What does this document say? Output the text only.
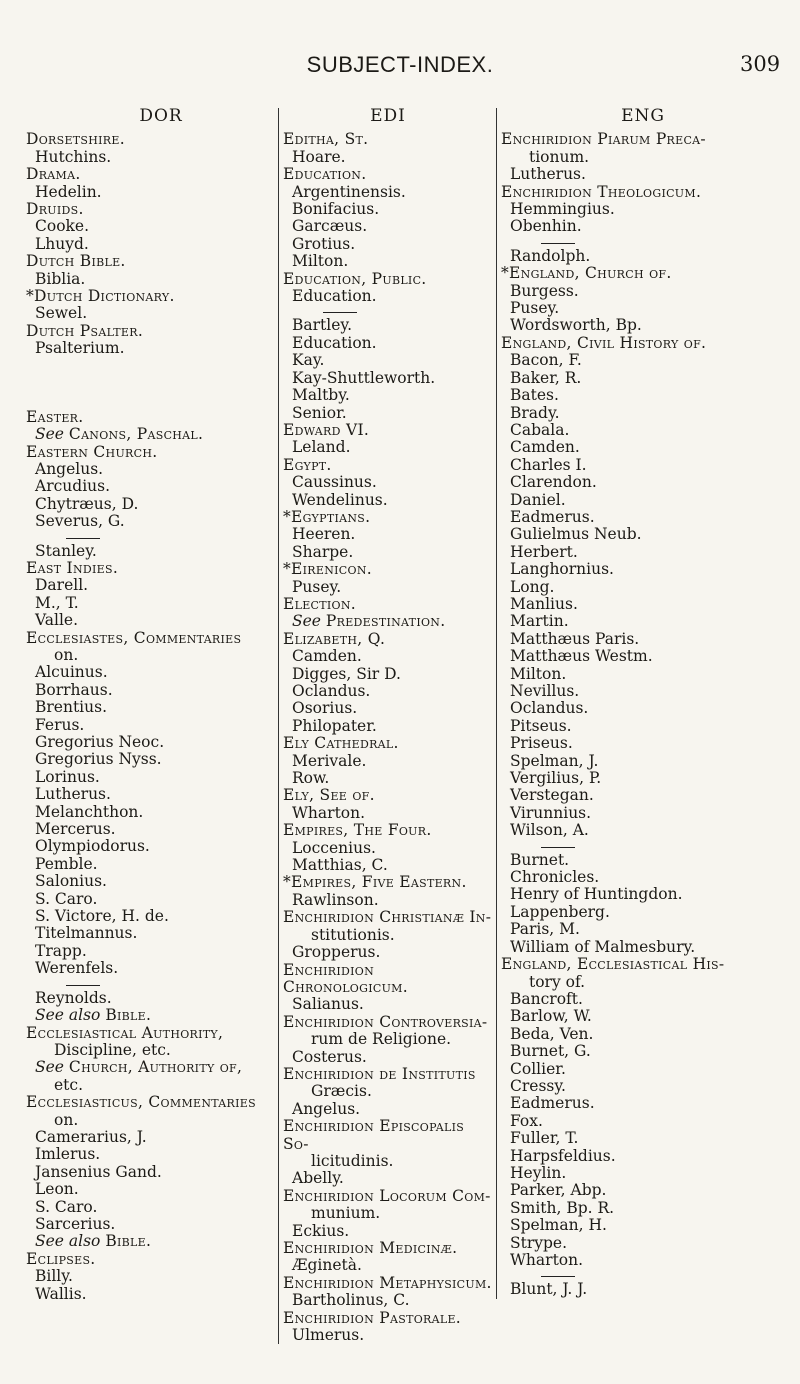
SUBJECT-INDEX.	309
DOR
Dorsetshire.
Hutchins.
Drama.
Hedelin.
Druids.
Cooke.
Lhuyd.
Dutch Bible.
Biblia.
*Dutch Dictionary.
Sewel.
Dutch Psalter.
Psalterium.
Easter.
See Canons, Paschal.
Eastern Church.
Angelus.
Arcudius.
Chytræus, D.
Severus, G.
Stanley.
East Indies.
Darell.
M., T.
Valle.
Ecclesiastes, Commentaries
on.
Alcuinus.
Borrhaus.
Brentius.
Ferus.
Gregorius Neoc.
Gregorius Nyss.
Lorinus.
Lutherus.
Melanchthon.
Mercerus.
Olympiodorus.
Pemble.
Salonius.
S. Caro.
S. Victore, H. de.
Titelmannus.
Trapp.
Werenfels.
Reynolds.
See also Bible.
Ecclesiastical Authority,
Discipline, etc.
See Church, Authority of,
etc.
Ecclesiasticus, Commentaries
on.
Camerarius, J.
Imlerus.
Jansenius Gand.
Leon.
S. Caro.
Sarcerius.
See also Bible.
Eclipses.
Billy.
Wallis.
EDI
Editha, St.
Hoare.
Education.
Argentinensis.
Bonifacius.
Garcæus.
Grotius.
Milton.
Education, Public.
Education.
Bartley.
Education.
Kay.
Kay-Shuttleworth.
Maltby.
Senior.
Edward VI.
Leland.
Egypt.
Caussinus.
Wendelinus.
*Egyptians.
Heeren.
Sharpe.
*Eirenicon.
Pusey.
Election.
See Predestination.
Elizabeth, Q.
Camden.
Digges, Sir D.
Oclandus.
Osorius.
Philopater.
Ely Cathedral.
Merivale.
Row.
Ely, See of.
Wharton.
Empires, The Four.
Loccenius.
Matthias, C.
*Empires, Five Eastern.
Rawlinson.
Enchiridion Christianæ In-
stitutionis.
Gropperus.
Enchiridion Chronologicum.
Salianus.
Enchiridion Controversia-
rum de Religione.
Costerus.
Enchiridion de Institutis
Græcis.
Angelus.
Enchiridion Episcopalis So-
licitudinis.
Abelly.
Enchiridion Locorum Com-
munium.
Eckius.
Enchiridion Medicinæ.
Æginetà.
Enchiridion Metaphysicum.
Bartholinus, C.
Enchiridion Pastorale.
Ulmerus.
ENG
Enchiridion Piarum Preca-
tionum.
Lutherus.
Enchiridion Theologicum.
Hemmingius.
Obenhin.
Randolph.
*England, Church of.
Burgess.
Pusey.
Wordsworth, Bp.
England, Civil History of.
Bacon, F.
Baker, R.
Bates.
Brady.
Cabala.
Camden.
Charles I.
Clarendon.
Daniel.
Eadmerus.
Gulielmus Neub.
Herbert.
Langhornius.
Long.
Manlius.
Martin.
Matthæus Paris.
Matthæus Westm.
Milton.
Nevillus.
Oclandus.
Pitseus.
Priseus.
Spelman, J.
Vergilius, P.
Verstegan.
Virunnius.
Wilson, A.
Burnet.
Chronicles.
Henry of Huntingdon.
Lappenberg.
Paris, M.
William of Malmesbury.
England, Ecclesiastical His-
tory of.
Bancroft.
Barlow, W.
Beda, Ven.
Burnet, G.
Collier.
Cressy.
Eadmerus.
Fox.
Fuller, T.
Harpsfeldius.
Heylin.
Parker, Abp.
Smith, Bp. R.
Spelman, H.
Strype.
Wharton.
Blunt, J. J.
